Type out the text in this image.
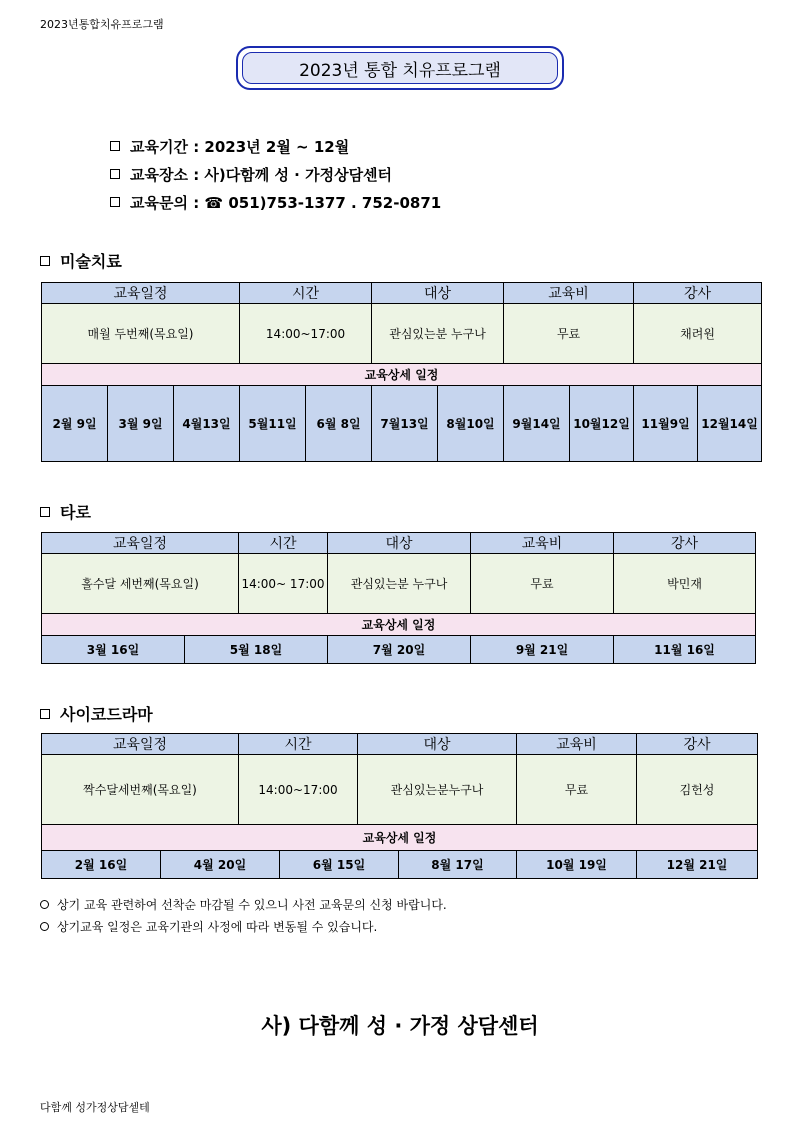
2023년통합치유프로그램
2023년 통합 치유프로그램
교육기간 : 2023년 2월 ~ 12월
교육장소 : 사)다함께 성 · 가정상담센터
교육문의 : ☎ 051)753-1377 . 752-0871
미술치료
교육일정			시간		대상		교육비		강사	
매월 두번째(목요일)			14:00~17:00		관심있는분 누구나		무료		채려원	
교육상세 일정										
2월 9일	3월 9일	4월13일	5월11일	6월 8일	7월13일	8월10일	9월14일	10월12일	11월9일	12월14일
타로
교육일정		시간	대상	교육비	강사
홀수달 세번째(목요일)		14:00~ 17:00	관심있는분 누구나	무료	박민재
교육상세 일정					
3월 16일	5월 18일		7월 20일	9월 21일	11월 16일
사이코드라마
교육일정		시간		대상		교육비	강사
짝수달세번째(목요일)		14:00~17:00		관심있는분누구나		무료	김헌성
교육상세 일정							
2월 16일	4월 20일		6월 15일		8월 17일	10월 19일	12월 21일
상기 교육 관련하여 선착순 마감될 수 있으니 사전 교육문의 신청 바랍니다.
상기교육 일정은 교육기관의 사정에 따라 변동될 수 있습니다.
사) 다함께 성 · 가정 상담센터
다함께 성가정상담셑테
